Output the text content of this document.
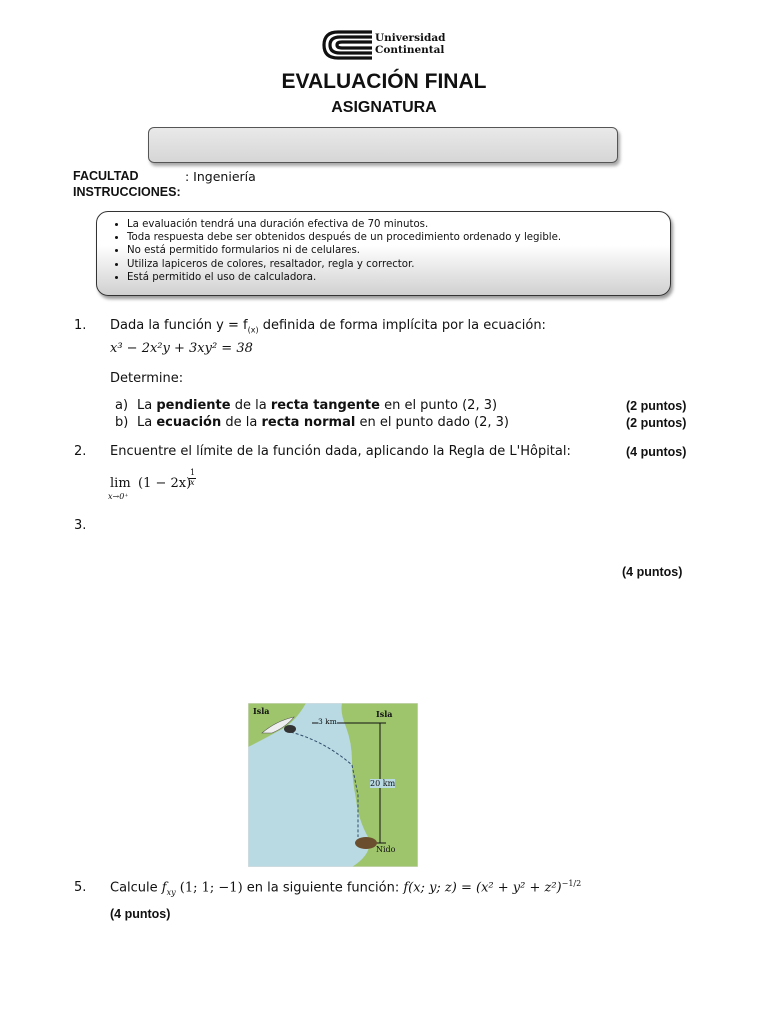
Universidad
Continental
EVALUACIÓN FINAL
ASIGNATURA
FACULTAD	: Ingeniería
INSTRUCCIONES:
• La evaluación tendrá una duración efectiva de 70 minutos.
• Toda respuesta debe ser obtenidos después de un procedimiento ordenado y legible.
• No está permitido formularios ni de celulares.
• Utiliza lapiceros de colores, resaltador, regla y corrector.
• Está permitido el uso de calculadora.
1. Dada la función $y = f_{(x)}$ definida de forma implícita por la ecuación:
x³ − 2x²y + 3xy² = 38
Determine:
a) La pendiente de la recta tangente en el punto (2, 3)	(2 puntos)
b) La ecuación de la recta normal en el punto dado (2, 3)	(2 puntos)
2. Encuentre el límite de la función dada, aplicando la Regla de L'Hôpital:	(4 puntos)
lim
x→0⁺
(1 − 2x)
1
x
3.
(4 puntos)
Isla	Isla
3 km
20 km
Nido
5. Calcule $f_{xy}$ (1; 1; −1) en la siguiente función: f(x; y; $z) = (x^2 + y^2 + z^2)^{-1/2}$
(4 puntos)
